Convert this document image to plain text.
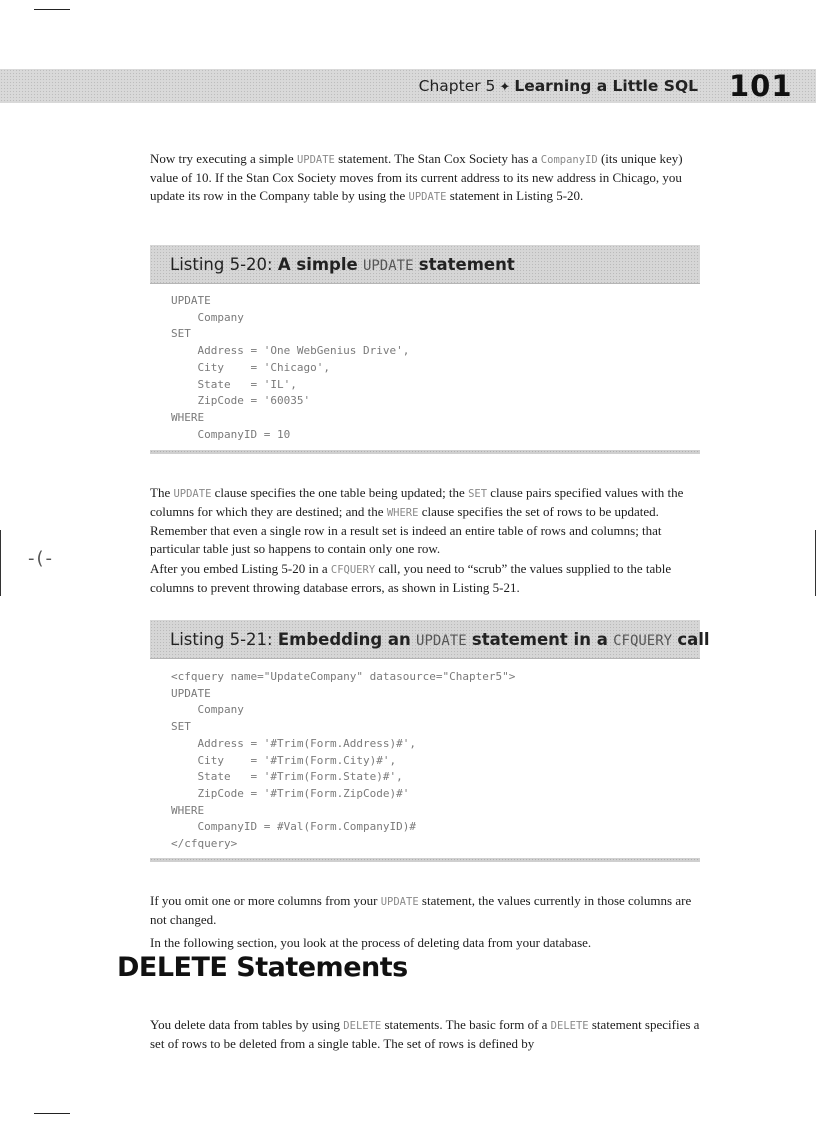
-(-
Chapter 5 ✦ Learning a Little SQL 101

Now try executing a simple UPDATE statement. The Stan Cox Society has a CompanyID (its unique key) value of 10. If the Stan Cox Society moves from its current address to its new address in Chicago, you update its row in the Company table by using the UPDATE statement in Listing 5-20.

Listing 5-20: A simple UPDATE statement
UPDATE
Company
SET
Address = 'One WebGenius Drive',
City    = 'Chicago',
State   = 'IL',
ZipCode = '60035'
WHERE
CompanyID = 10

The UPDATE clause specifies the one table being updated; the SET clause pairs specified values with the columns for which they are destined; and the WHERE clause specifies the set of rows to be updated. Remember that even a single row in a result set is indeed an entire table of rows and columns; that particular table just so happens to contain only one row.

After you embed Listing 5-20 in a CFQUERY call, you need to “scrub” the values supplied to the table columns to prevent throwing database errors, as shown in Listing 5-21.

Listing 5-21: Embedding an UPDATE statement in a CFQUERY call
<cfquery name="UpdateCompany" datasource="Chapter5">
UPDATE
Company
SET
Address = '#Trim(Form.Address)#',
City    = '#Trim(Form.City)#',
State   = '#Trim(Form.State)#',
ZipCode = '#Trim(Form.ZipCode)#'
WHERE
CompanyID = #Val(Form.CompanyID)#
</cfquery>

If you omit one or more columns from your UPDATE statement, the values currently in those columns are not changed.

In the following section, you look at the process of deleting data from your database.

DELETE Statements

You delete data from tables by using DELETE statements. The basic form of a DELETE statement specifies a set of rows to be deleted from a single table. The set of rows is defined by
